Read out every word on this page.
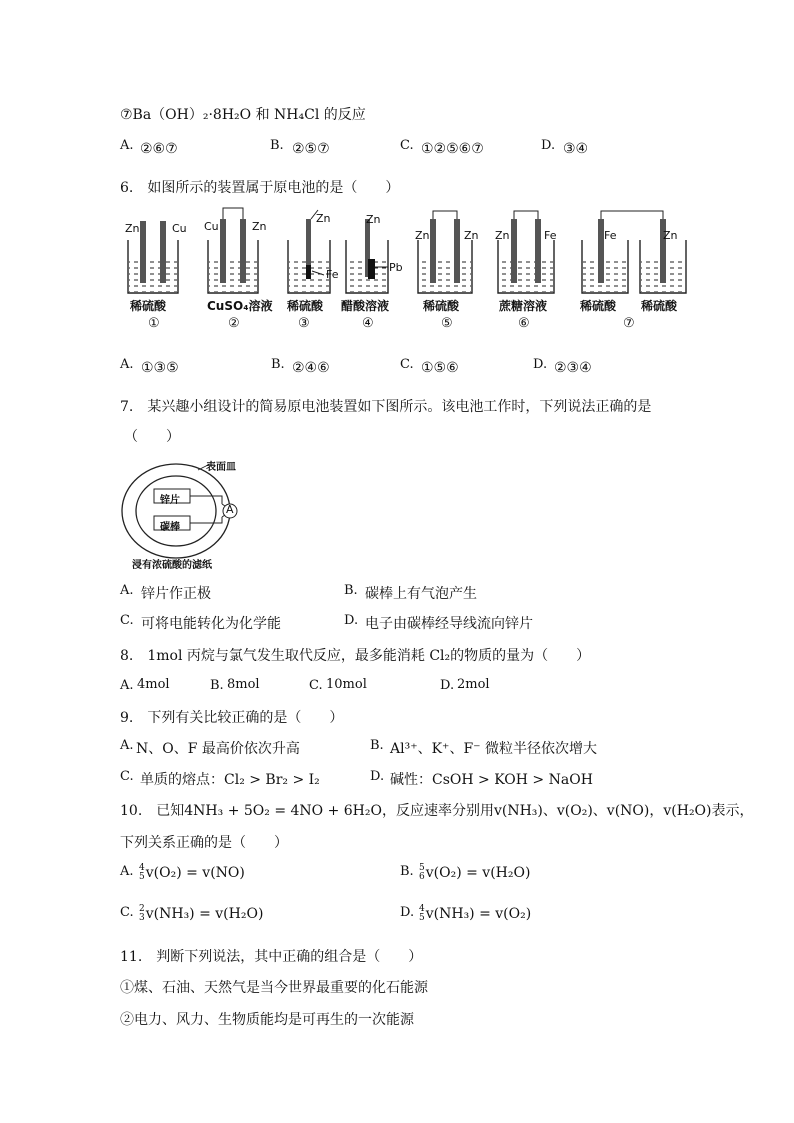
⑦Ba（OH）₂·8H₂O 和 NH₄Cl 的反应
A. ②⑥⑦	B. ②⑤⑦	C. ①②⑤⑥⑦	D. ③④
6.　如图所示的装置属于原电池的是（　　）
Zn	Cu Cu	Zn
Zn
Fe
Zn
Pb
Zn	Zn Zn	Fe	Fe	Zn
稀硫酸	CuSO₄溶液 稀硫酸 醋酸溶液	稀硫酸	蔗糖溶液	稀硫酸 稀硫酸
①	②	③	④	⑤	⑥	⑦
A. ①③⑤	B. ②④⑥	C. ①⑤⑥	D. ②③④
7.　某兴趣小组设计的简易原电池装置如下图所示。该电池工作时，下列说法正确的是
（　　）
表面皿
锌片
碳棒
A
浸有浓硫酸的滤纸
A. 锌片作正极	B. 碳棒上有气泡产生
C. 可将电能转化为化学能	D. 电子由碳棒经导线流向锌片
8.　1mol 丙烷与氯气发生取代反应，最多能消耗 Cl₂的物质的量为（　　）
A. 4mol	B. 8mol	C. 10mol	D. 2mol
9.　下列有关比较正确的是（　　）
A. N、O、F 最高价依次升高	B. Al³⁺、K⁺、F⁻ 微粒半径依次增大
C. 单质的熔点：Cl₂ > Br₂ > I₂	D. 碱性：CsOH > KOH > NaOH
10.　已知4NH₃ + 5O₂ = 4NO + 6H₂O，反应速率分别用v(NH₃)、v(O₂)、v(NO)，v(H₂O)表示，
下列关系正确的是（　　）
A. 4
5 v(O₂) = v(NO)	B. 5
6 v(O₂) = v(H₂O)
C. 2
3 v(NH₃) = v(H₂O)	D. 4
5 v(NH₃) = v(O₂)
11.　判断下列说法，其中正确的组合是（　　）
①煤、石油、天然气是当今世界最重要的化石能源
②电力、风力、生物质能均是可再生的一次能源
